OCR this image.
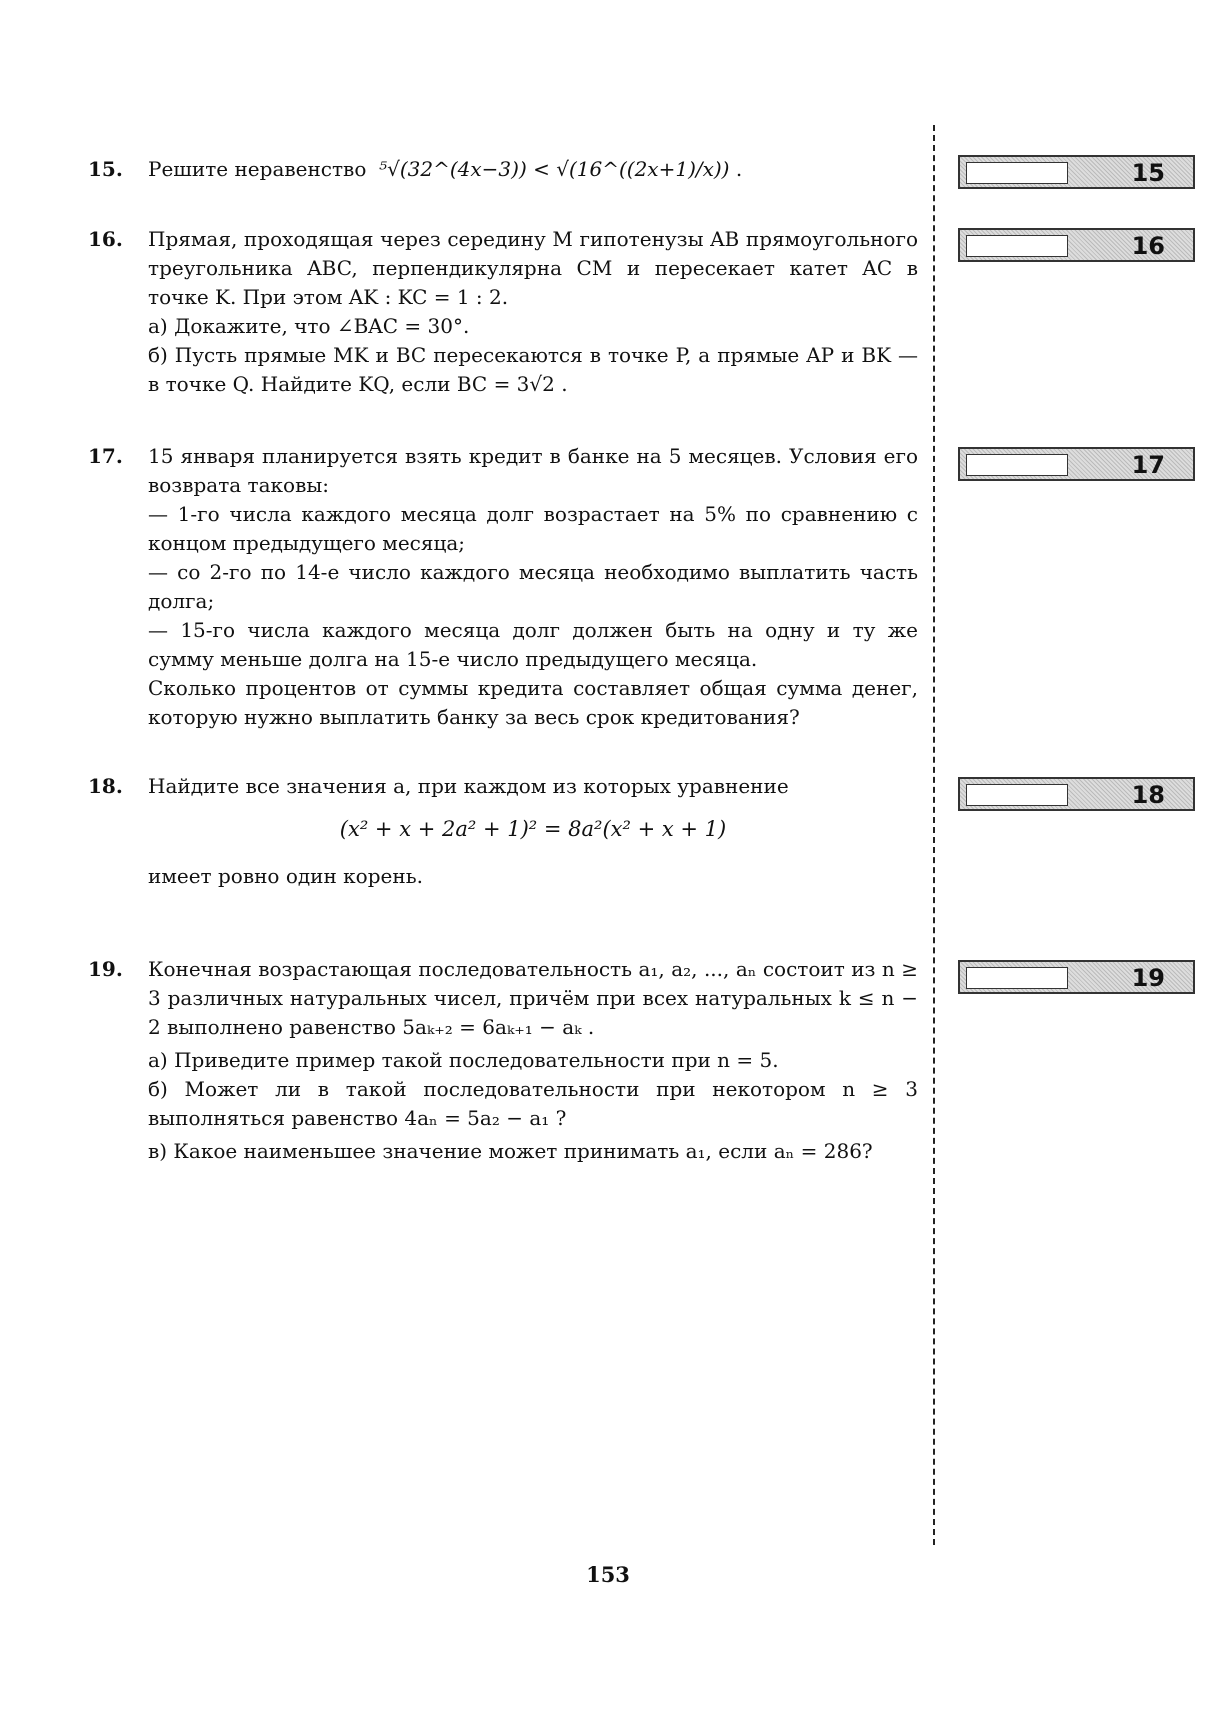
15
16
17
18
19
15. Решите неравенство ⁵√(32^(4x−3)) < √(16^((2x+1)/x)) .

16. Прямая, проходящая через середину M гипотенузы AB прямоугольного треугольника ABC, перпендикулярна CM и пересекает катет AC в точке K. При этом AK : KC = 1 : 2.

а) Докажите, что ∠BAC = 30°.

б) Пусть прямые MK и BC пересекаются в точке P, а прямые AP и BK — в точке Q. Найдите KQ, если BC = 3√2 .

17. 15 января планируется взять кредит в банке на 5 месяцев. Условия его возврата таковы:

— 1-го числа каждого месяца долг возрастает на 5% по сравнению с концом предыдущего месяца;

— со 2-го по 14-е число каждого месяца необходимо выплатить часть долга;

— 15-го числа каждого месяца долг должен быть на одну и ту же сумму меньше долга на 15-е число предыдущего месяца.

Сколько процентов от суммы кредита составляет общая сумма денег, которую нужно выплатить банку за весь срок кредитования?

18. Найдите все значения a, при каждом из которых уравнение

(x² + x + 2a² + 1)² = 8a²(x² + x + 1)

имеет ровно один корень.

19. Конечная возрастающая последовательность a₁, a₂, ..., aₙ состоит из n ≥ 3 различных натуральных чисел, причём при всех натуральных k ≤ n − 2 выполнено равенство 5aₖ₊₂ = 6aₖ₊₁ − aₖ .

а) Приведите пример такой последовательности при n = 5.

б) Может ли в такой последовательности при некотором n ≥ 3 выполняться равенство 4aₙ = 5a₂ − a₁ ?

в) Какое наименьшее значение может принимать a₁, если aₙ = 286?

153
